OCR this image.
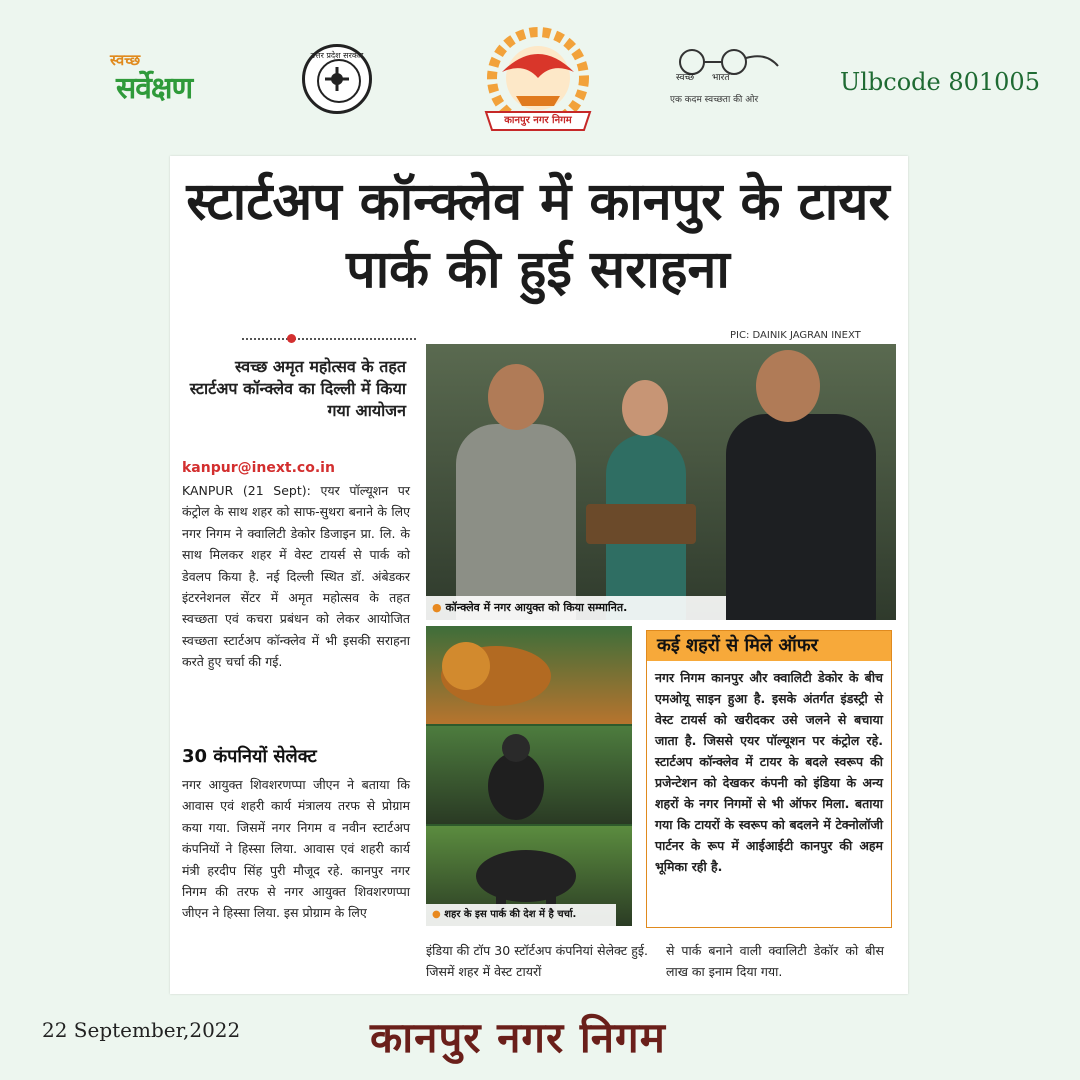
स्वच्छ
सर्वेक्षण
उत्तर प्रदेश सरकार
कानपुर नगर निगम
स्वच्छ भारत
एक कदम स्वच्छता की ओर
Ulbcode 801005
स्टार्टअप कॉन्क्लेव में कानपुर के टायर पार्क की हुई सराहना
स्वच्छ अमृत महोत्सव के तहत स्टार्टअप कॉन्क्लेव का दिल्ली में किया गया आयोजन
PIC: DAINIK JAGRAN INEXT
kanpur@inext.co.in
KANPUR (21 Sept): एयर पॉल्यूशन पर कंट्रोल के साथ शहर को साफ-सुथरा बनाने के लिए नगर निगम ने क्वालिटी डेकोर डिजाइन प्रा. लि. के साथ मिलकर शहर में वेस्ट टायर्स से पार्क को डेवलप किया है. नई दिल्ली स्थित डॉ. अंबेडकर इंटरनेशनल सेंटर में अमृत महोत्सव के तहत स्वच्छता एवं कचरा प्रबंधन को लेकर आयोजित स्वच्छता स्टार्टअप कॉन्क्लेव में भी इसकी सराहना करते हुए चर्चा की गई.
30 कंपनियों सेलेक्ट
नगर आयुक्त शिवशरणप्पा जीएन ने बताया कि आवास एवं शहरी कार्य मंत्रालय तरफ से प्रोग्राम कया गया. जिसमें नगर निगम व नवीन स्टार्टअप कंपनियों ने हिस्सा लिया. आवास एवं शहरी कार्य मंत्री हरदीप सिंह पुरी मौजूद रहे. कानपुर नगर निगम की तरफ से नगर आयुक्त शिवशरणप्पा जीएन ने हिस्सा लिया. इस प्रोग्राम के लिए
● कॉन्क्लेव में नगर आयुक्त को किया सम्मानित.
● शहर के इस पार्क की देश में है चर्चा.
कई शहरों से मिले ऑफर
नगर निगम कानपुर और क्वालिटी डेकोर के बीच एमओयू साइन हुआ है. इसके अंतर्गत इंडस्ट्री से वेस्ट टायर्स को खरीदकर उसे जलने से बचाया जाता है. जिससे एयर पॉल्यूशन पर कंट्रोल रहे. स्टार्टअप कॉन्क्लेव में टायर के बदले स्वरूप की प्रजेन्टेशन को देखकर कंपनी को इंडिया के अन्य शहरों के नगर निगमों से भी ऑफर मिला. बताया गया कि टायरों के स्वरूप को बदलने में टेक्नोलॉजी पार्टनर के रूप में आईआईटी कानपुर की अहम भूमिका रही है.
इंडिया की टॉप 30 स्टॉर्टअप कंपनियां सेलेक्ट हुई. जिसमें शहर में वेस्ट टायरों
से पार्क बनाने वाली क्वालिटी डेकॉर को बीस लाख का इनाम दिया गया.
22 September,2022	कानपुर नगर निगम
